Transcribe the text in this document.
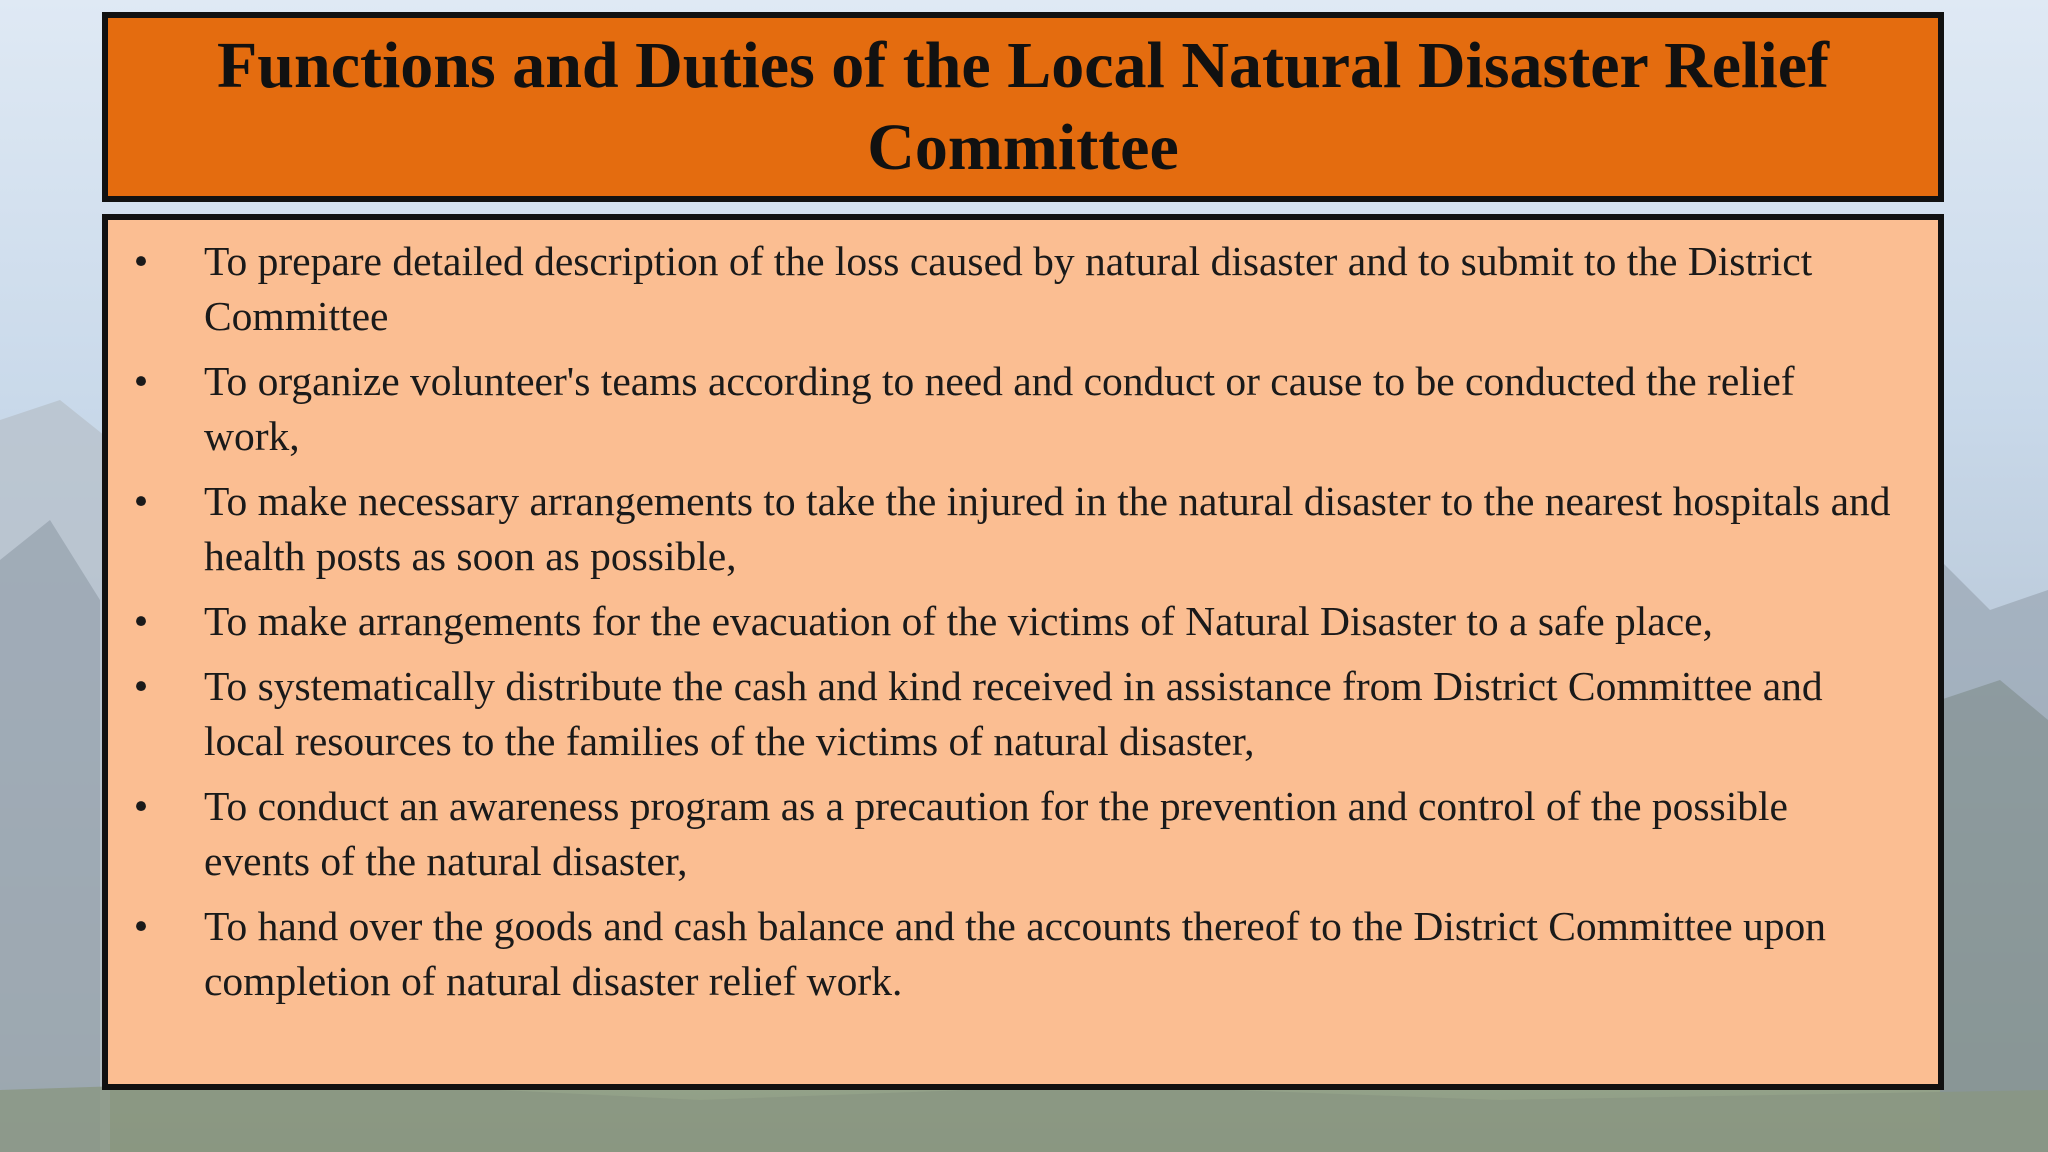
Functions and Duties of the Local Natural Disaster Relief Committee
• To prepare detailed description of the loss caused by natural disaster and to submit to the District Committee
• To organize volunteer's teams according to need and conduct or cause to be conducted the relief work,
• To make necessary arrangements to take the injured in the natural disaster to the nearest hospitals and health posts as soon as possible,
• To make arrangements for the evacuation of the victims of Natural Disaster to a safe place,
• To systematically distribute the cash and kind received in assistance from District Committee and local resources to the families of the victims of natural disaster,
• To conduct an awareness program as a precaution for the prevention and control of the possible events of the natural disaster,
• To hand over the goods and cash balance and the accounts thereof to the District Committee upon completion of natural disaster relief work.
